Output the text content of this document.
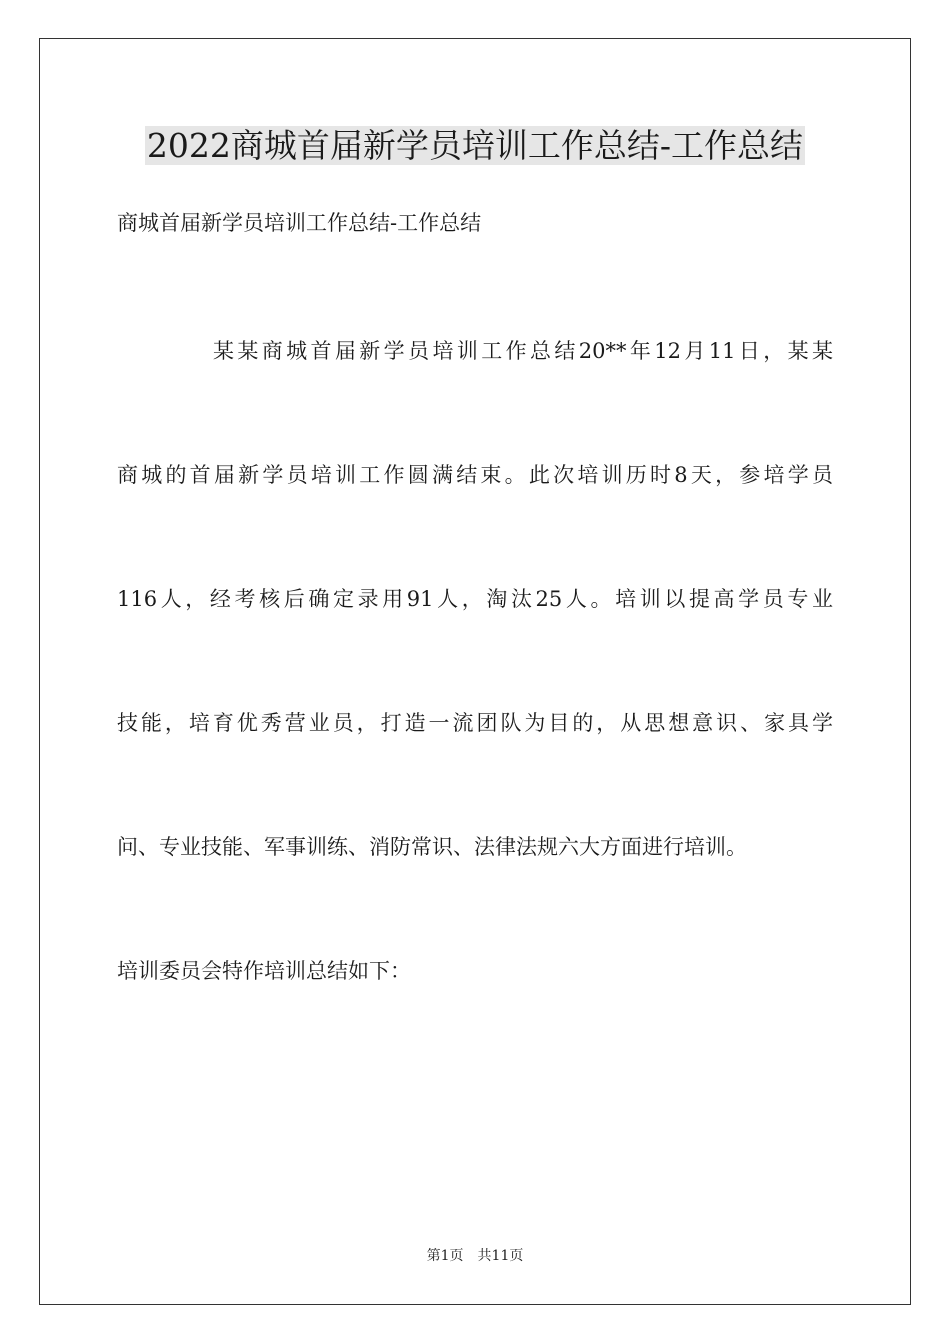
2022商城首届新学员培训工作总结-工作总结
商城首届新学员培训工作总结-工作总结
某某商城首届新学员培训工作总结20**年12月11日，某某
商城的首届新学员培训工作圆满结束。此次培训历时8天，参培学员
116人，经考核后确定录用91人，淘汰25人。培训以提高学员专业
技能，培育优秀营业员，打造一流团队为目的，从思想意识、家具学
问、专业技能、军事训练、消防常识、法律法规六大方面进行培训。
培训委员会特作培训总结如下：
第1页 共11页
